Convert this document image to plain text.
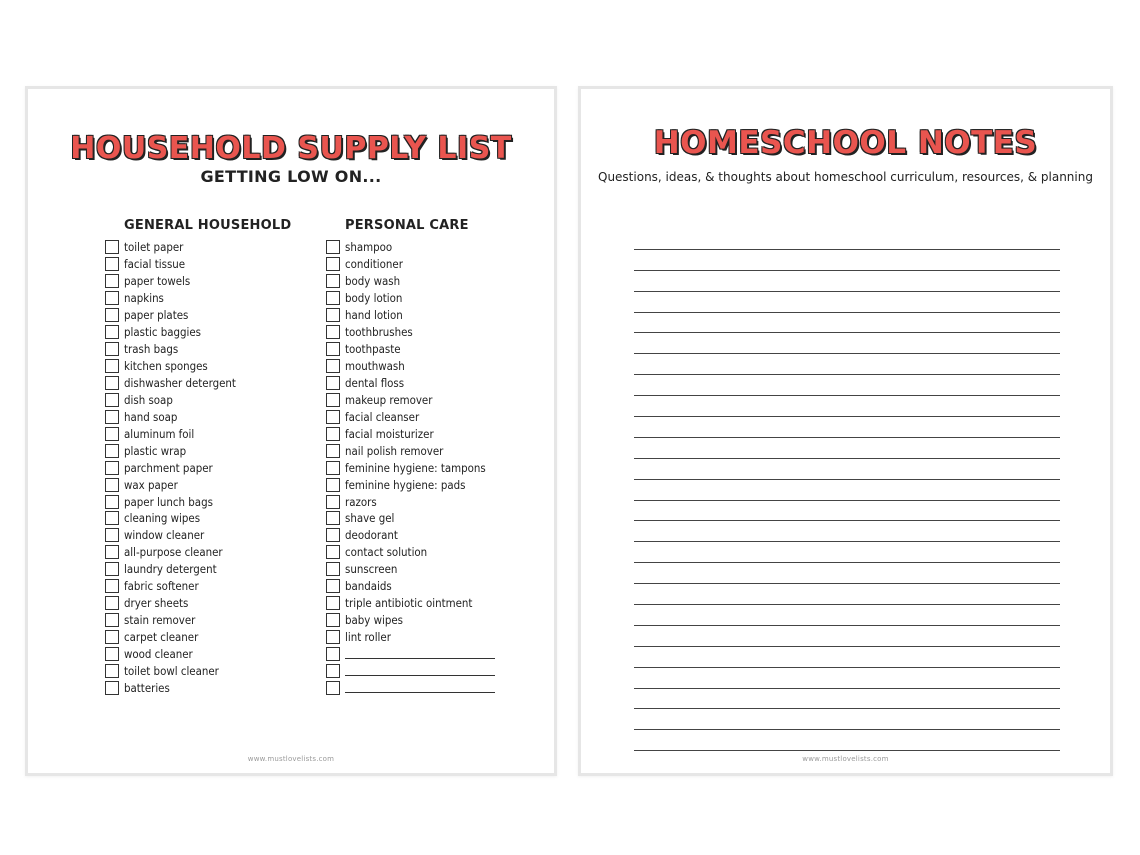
HOUSEHOLD SUPPLY LIST
GETTING LOW ON...
GENERAL HOUSEHOLD
toilet paper
facial tissue
paper towels
napkins
paper plates
plastic baggies
trash bags
kitchen sponges
dishwasher detergent
dish soap
hand soap
aluminum foil
plastic wrap
parchment paper
wax paper
paper lunch bags
cleaning wipes
window cleaner
all-purpose cleaner
laundry detergent
fabric softener
dryer sheets
stain remover
carpet cleaner
wood cleaner
toilet bowl cleaner
batteries
PERSONAL CARE
shampoo
conditioner
body wash
body lotion
hand lotion
toothbrushes
toothpaste
mouthwash
dental floss
makeup remover
facial cleanser
facial moisturizer
nail polish remover
feminine hygiene: tampons
feminine hygiene: pads
razors
shave gel
deodorant
contact solution
sunscreen
bandaids
triple antibiotic ointment
baby wipes
lint roller
www.mustlovelists.com
HOMESCHOOL NOTES
Questions, ideas, & thoughts about homeschool curriculum, resources, & planning
www.mustlovelists.com
